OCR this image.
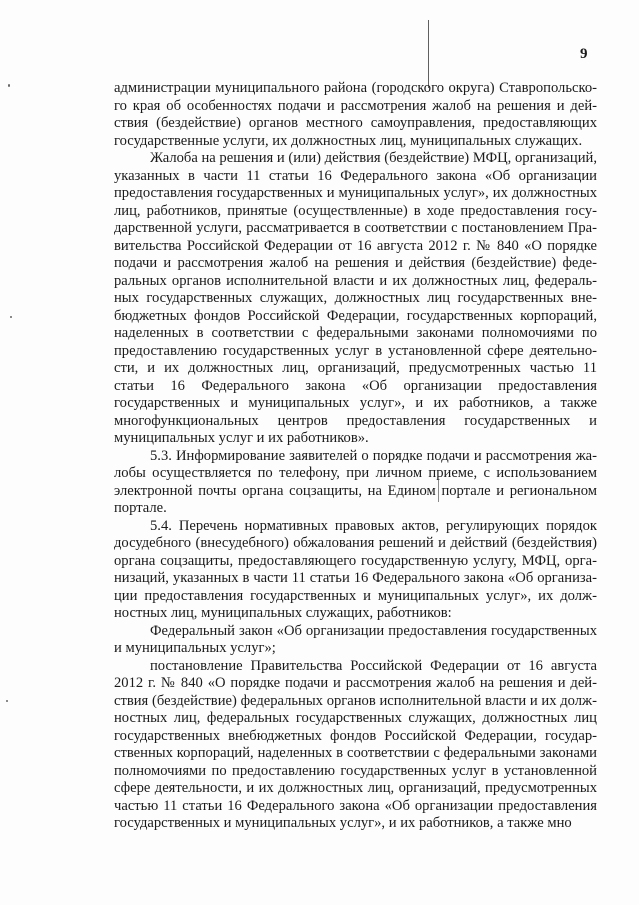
9

администрации муниципального района (городского округа) Ставропольского края об особенностях подачи и рассмотрения жалоб на решения и действия (бездействие) органов местного самоуправления, предоставляющих государственные услуги, их должностных лиц, муниципальных служащих.

Жалоба на решения и (или) действия (бездействие) МФЦ, организаций, указанных в части 11 статьи 16 Федерального закона «Об организации предоставления государственных и муниципальных услуг», их должностных лиц, работников, принятые (осуществленные) в ходе предоставления государственной услуги, рассматривается в соответствии с постановлением Правительства Российской Федерации от 16 августа 2012 г. № 840 «О порядке подачи и рассмотрения жалоб на решения и действия (бездействие) федеральных органов исполнительной власти и их должностных лиц, федеральных государственных служащих, должностных лиц государственных внебюджетных фондов Российской Федерации, государственных корпораций, наделенных в соответствии с федеральными законами полномочиями по предоставлению государственных услуг в установленной сфере деятельности, и их должностных лиц, организаций, предусмотренных частью 11 статьи 16 Федерального закона «Об организации предоставления государственных и муниципальных услуг», и их работников, а также многофункциональных центров предоставления государственных и муниципальных услуг и их работников».

5.3. Информирование заявителей о порядке подачи и рассмотрения жалобы осуществляется по телефону, при личном приеме, с использованием электронной почты органа соцзащиты, на Едином портале и региональном портале.

5.4. Перечень нормативных правовых актов, регулирующих порядок досудебного (внесудебного) обжалования решений и действий (бездействия) органа соцзащиты, предоставляющего государственную услугу, МФЦ, организаций, указанных в части 11 статьи 16 Федерального закона «Об организации предоставления государственных и муниципальных услуг», их должностных лиц, муниципальных служащих, работников:

Федеральный закон «Об организации предоставления государственных и муниципальных услуг»;

постановление Правительства Российской Федерации от 16 августа 2012 г. № 840 «О порядке подачи и рассмотрения жалоб на решения и действия (бездействие) федеральных органов исполнительной власти и их должностных лиц, федеральных государственных служащих, должностных лиц государственных внебюджетных фондов Российской Федерации, государственных корпораций, наделенных в соответствии с федеральными законами полномочиями по предоставлению государственных услуг в установленной сфере деятельности, и их должностных лиц, организаций, предусмотренных частью 11 статьи 16 Федерального закона «Об организации предоставления государственных и муниципальных услуг», и их работников, а также мно
